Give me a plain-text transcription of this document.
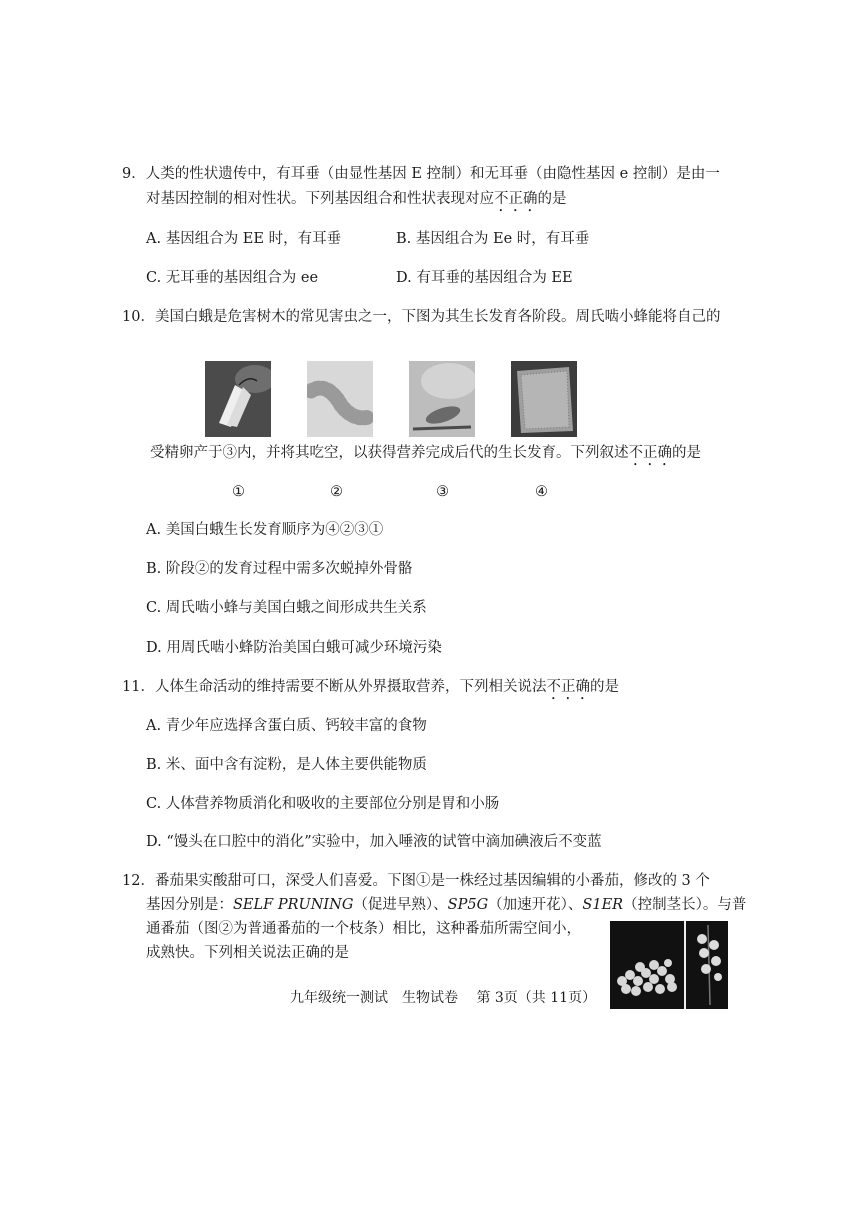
9．人类的性状遗传中，有耳垂（由显性基因 E 控制）和无耳垂（由隐性基因 e 控制）是由一
对基因控制的相对性状。下列基因组合和性状表现对应不正确的是
A. 基因组合为 EE 时，有耳垂	B. 基因组合为 Ee 时，有耳垂
C. 无耳垂的基因组合为 ee	D. 有耳垂的基因组合为 EE
10．美国白蛾是危害树木的常见害虫之一，下图为其生长发育各阶段。周氏啮小蜂能将自己的
受精卵产于③内，并将其吃空，以获得营养完成后代的生长发育。下列叙述不正确的是
①	②	③	④
A. 美国白蛾生长发育顺序为④②③①
B. 阶段②的发育过程中需多次蜕掉外骨骼
C. 周氏啮小蜂与美国白蛾之间形成共生关系
D. 用周氏啮小蜂防治美国白蛾可减少环境污染
11．人体生命活动的维持需要不断从外界摄取营养，下列相关说法不正确的是
A. 青少年应选择含蛋白质、钙较丰富的食物
B. 米、面中含有淀粉，是人体主要供能物质
C. 人体营养物质消化和吸收的主要部位分别是胃和小肠
D. “馒头在口腔中的消化”实验中，加入唾液的试管中滴加碘液后不变蓝
12．番茄果实酸甜可口，深受人们喜爱。下图①是一株经过基因编辑的小番茄，修改的 3 个
基因分别是：SELF PRUNING（促进早熟）、SP5G（加速开花）、S1ER（控制茎长）。与普
通番茄（图②为普通番茄的一个枝条）相比，这种番茄所需空间小，
成熟快。下列相关说法正确的是
九年级统一测试　生物试卷　 第 3页（共 11页）
